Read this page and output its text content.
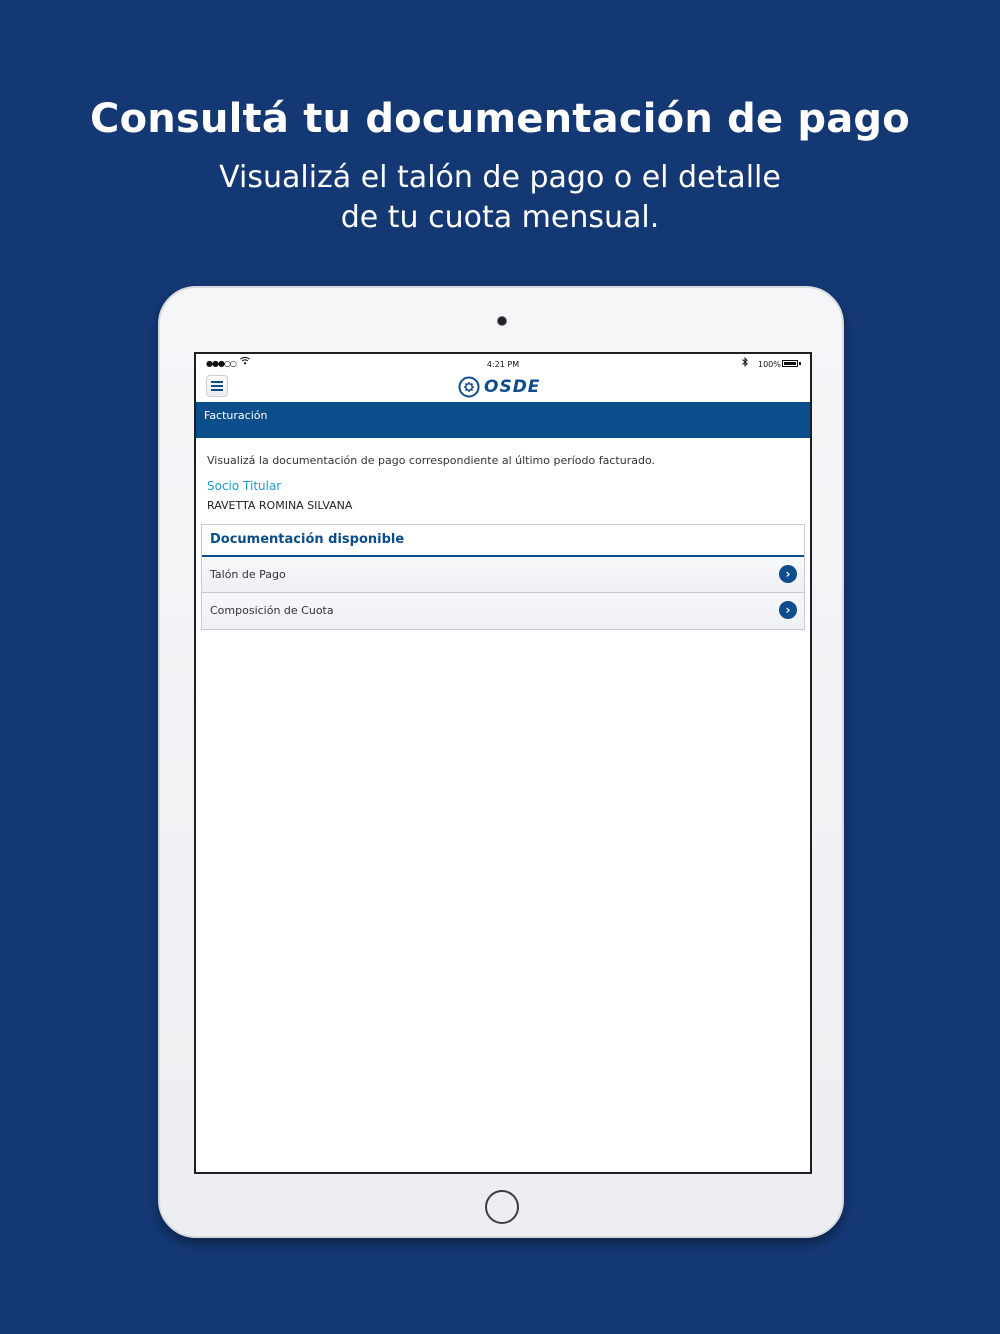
Consultá tu documentación de pago
Visualizá el talón de pago o el detalle
de tu cuota mensual.
●●●○○	4:21 PM	100%
OSDE
Facturación
Visualizá la documentación de pago correspondiente al último período facturado.
Socio Titular
RAVETTA ROMINA SILVANA
Documentación disponible
Talón de Pago	›
Composición de Cuota	›
